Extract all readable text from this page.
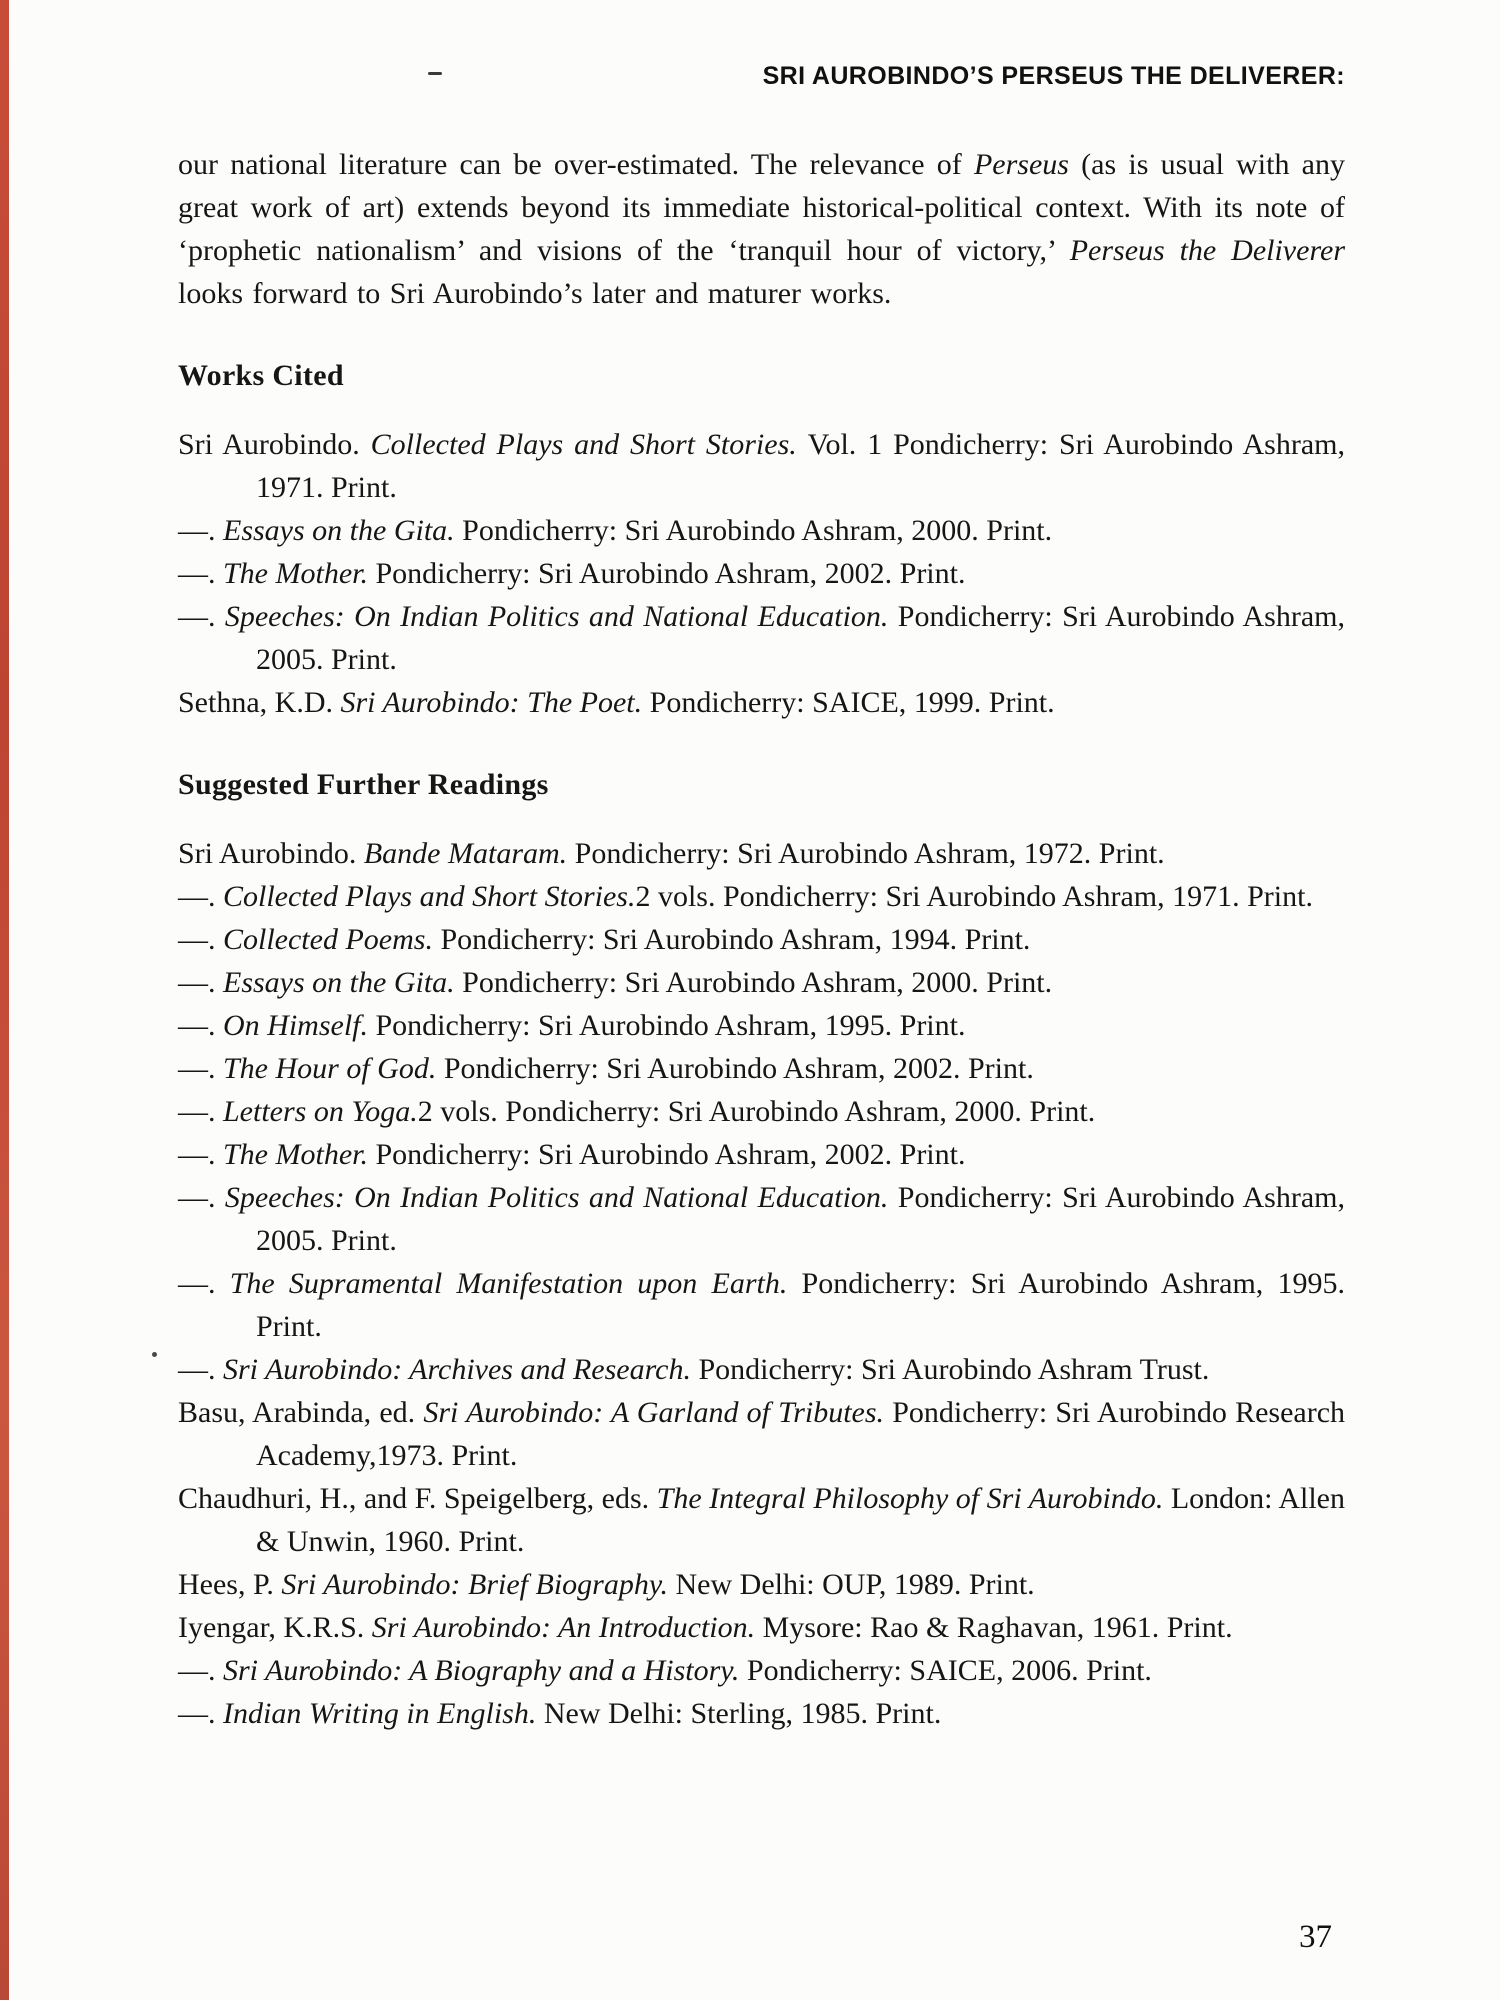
SRI AUROBINDO’S PERSEUS THE DELIVERER:

our national literature can be over-estimated. The relevance of Perseus (as is usual with any great work of art) extends beyond its immediate historical-political context. With its note of ‘prophetic nationalism’ and visions of the ‘tranquil hour of victory,’ Perseus the Deliverer looks forward to Sri Aurobindo’s later and maturer works.

Works Cited
Sri Aurobindo. Collected Plays and Short Stories. Vol. 1 Pondicherry: Sri Aurobindo Ashram, 1971. Print.
—. Essays on the Gita. Pondicherry: Sri Aurobindo Ashram, 2000. Print.
—. The Mother. Pondicherry: Sri Aurobindo Ashram, 2002. Print.
—. Speeches: On Indian Politics and National Education. Pondicherry: Sri Aurobindo Ashram, 2005. Print.
Sethna, K.D. Sri Aurobindo: The Poet. Pondicherry: SAICE, 1999. Print.
Suggested Further Readings
Sri Aurobindo. Bande Mataram. Pondicherry: Sri Aurobindo Ashram, 1972. Print.
—. Collected Plays and Short Stories.2 vols. Pondicherry: Sri Aurobindo Ashram, 1971. Print.
—. Collected Poems. Pondicherry: Sri Aurobindo Ashram, 1994. Print.
—. Essays on the Gita. Pondicherry: Sri Aurobindo Ashram, 2000. Print.
—. On Himself. Pondicherry: Sri Aurobindo Ashram, 1995. Print.
—. The Hour of God. Pondicherry: Sri Aurobindo Ashram, 2002. Print.
—. Letters on Yoga.2 vols. Pondicherry: Sri Aurobindo Ashram, 2000. Print.
—. The Mother. Pondicherry: Sri Aurobindo Ashram, 2002. Print.
—. Speeches: On Indian Politics and National Education. Pondicherry: Sri Aurobindo Ashram, 2005. Print.
—. The Supramental Manifestation upon Earth. Pondicherry: Sri Aurobindo Ashram, 1995. Print.
—. Sri Aurobindo: Archives and Research. Pondicherry: Sri Aurobindo Ashram Trust.
Basu, Arabinda, ed. Sri Aurobindo: A Garland of Tributes. Pondicherry: Sri Aurobindo Research Academy,1973. Print.
Chaudhuri, H., and F. Speigelberg, eds. The Integral Philosophy of Sri Aurobindo. London: Allen & Unwin, 1960. Print.
Hees, P. Sri Aurobindo: Brief Biography. New Delhi: OUP, 1989. Print.
Iyengar, K.R.S. Sri Aurobindo: An Introduction. Mysore: Rao & Raghavan, 1961. Print.
—. Sri Aurobindo: A Biography and a History. Pondicherry: SAICE, 2006. Print.
—. Indian Writing in English. New Delhi: Sterling, 1985. Print.
37
